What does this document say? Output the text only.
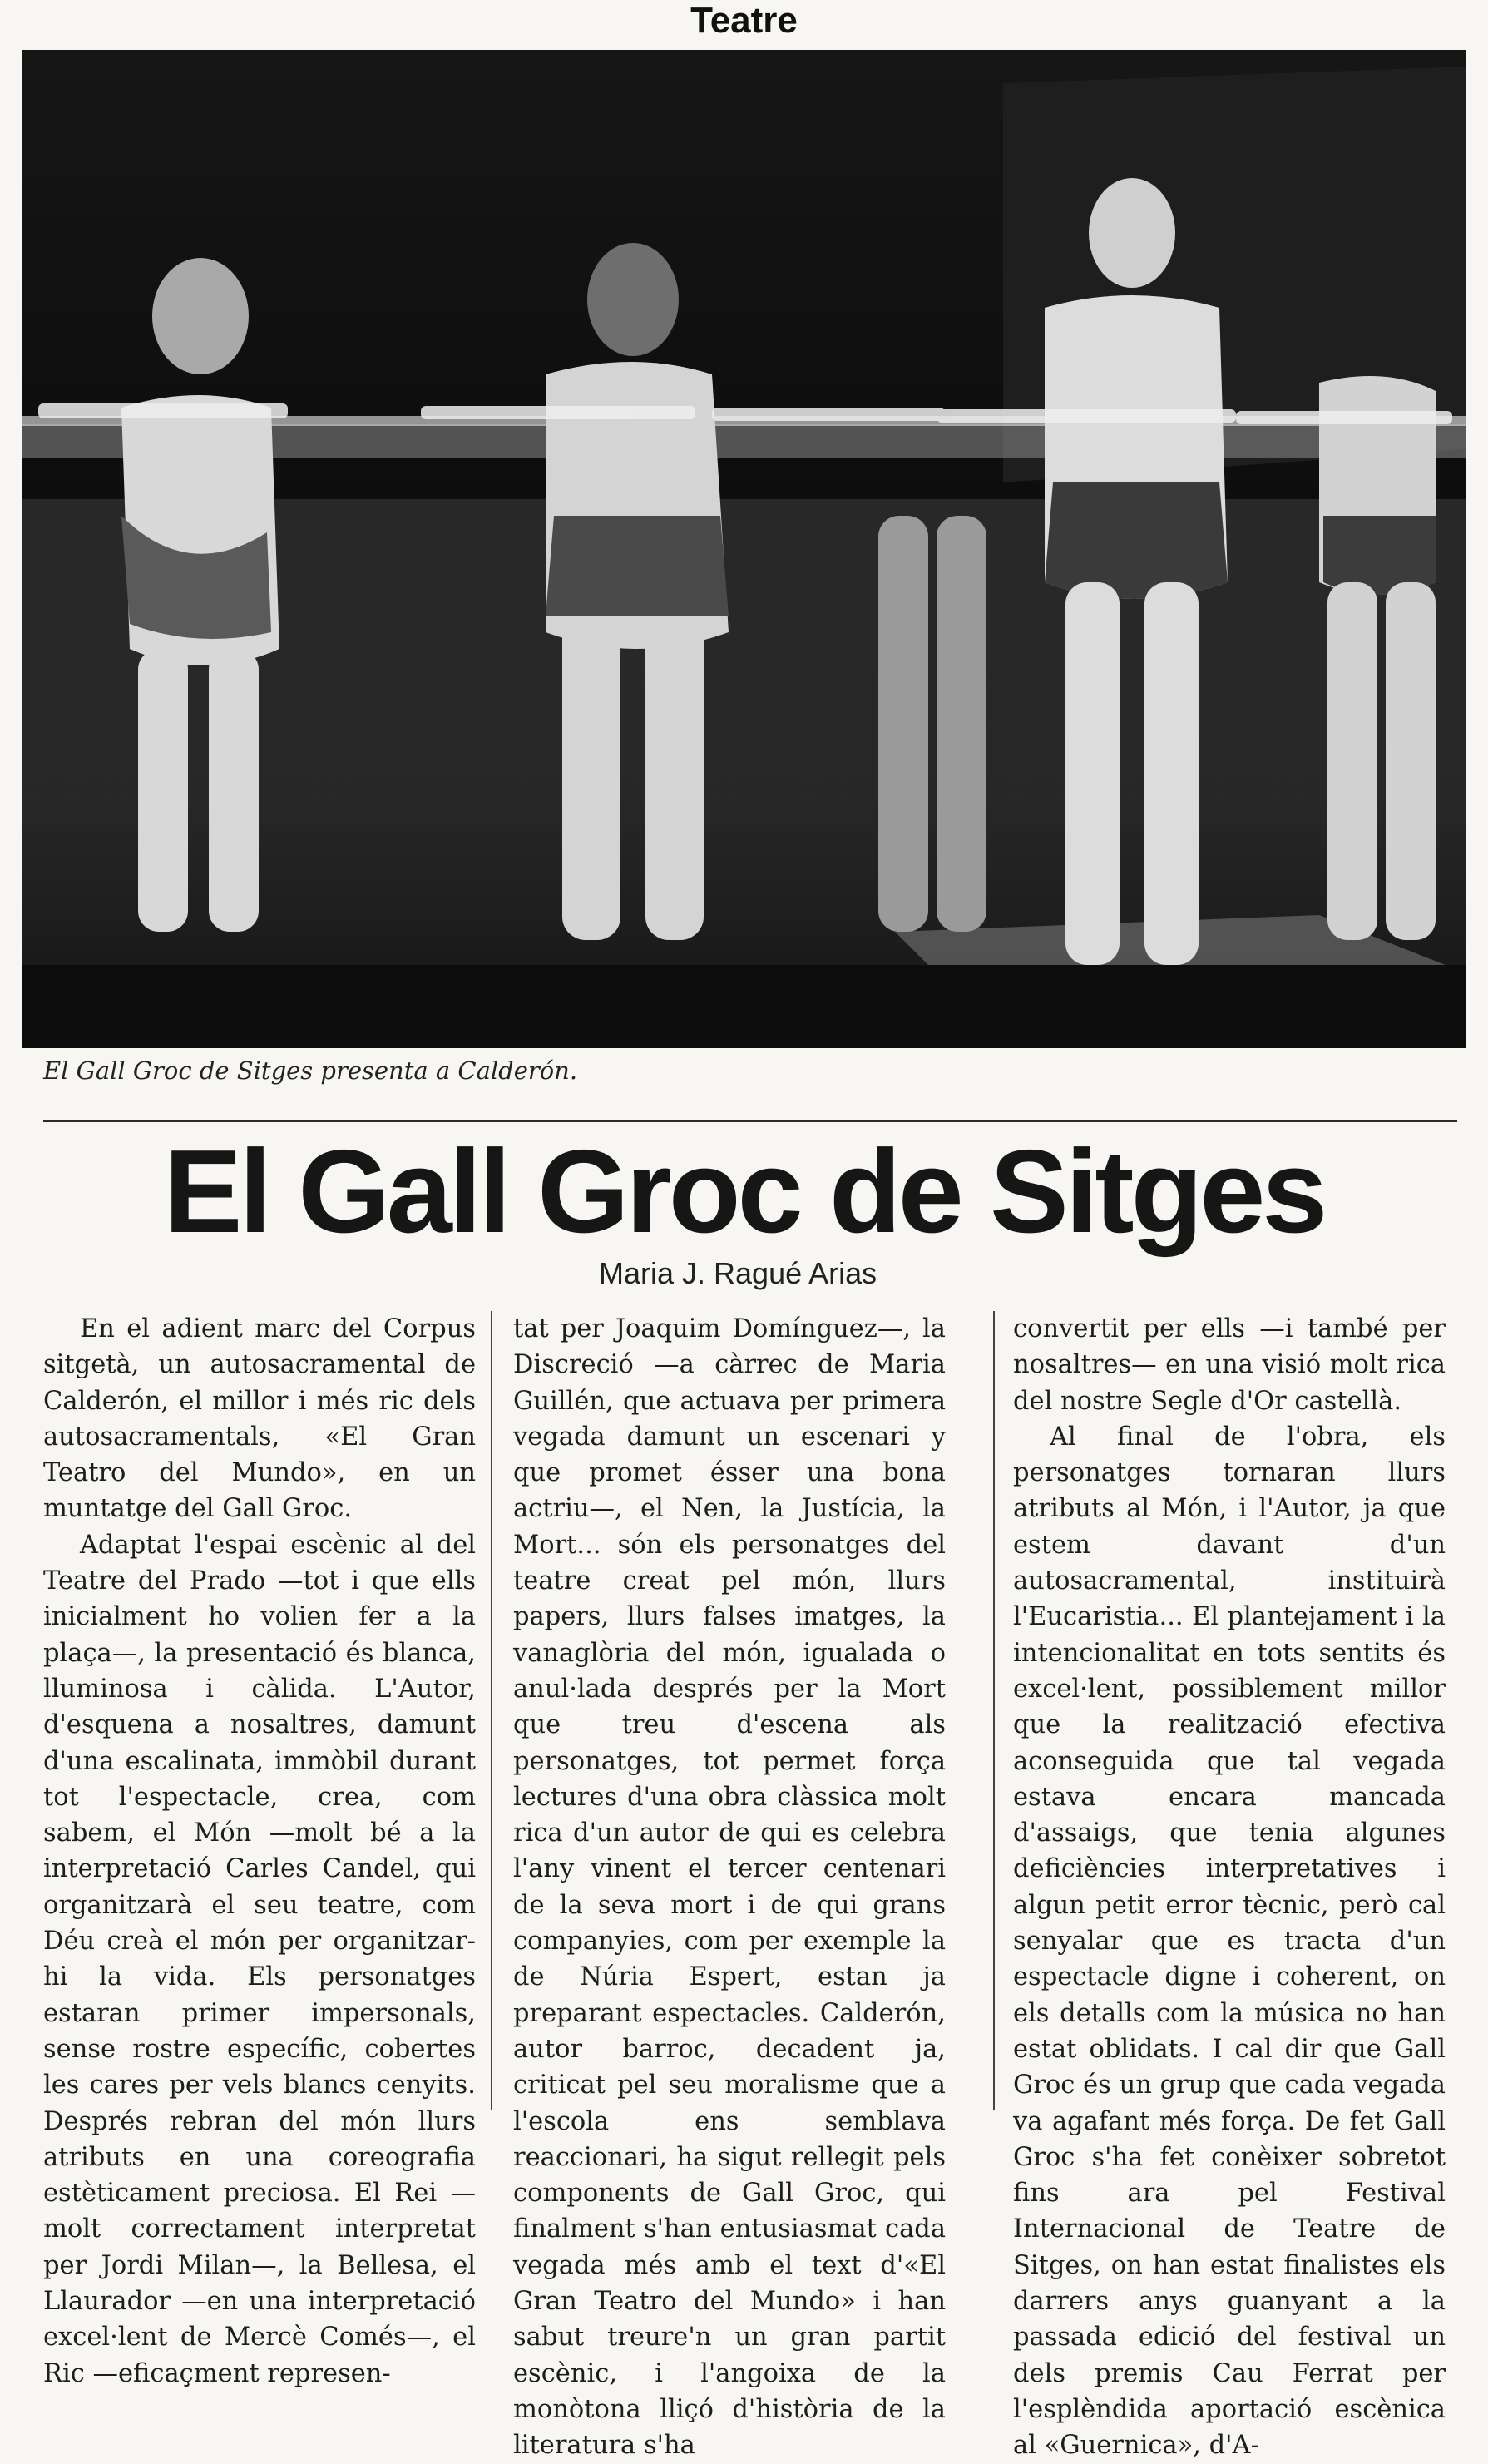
Teatre
El Gall Groc de Sitges presenta a Calderón.
El Gall Groc de Sitges
Maria J. Ragué Arias

En el adient marc del Corpus sitgetà, un autosacramental de Calderón, el millor i més ric dels autosacramentals, «El Gran Teatro del Mundo», en un muntatge del Gall Groc.

Adaptat l'espai escènic al del Teatre del Prado —tot i que ells inicialment ho volien fer a la plaça—, la presentació és blanca, lluminosa i càlida. L'Autor, d'esquena a nosaltres, damunt d'una escalinata, immòbil durant tot l'espectacle, crea, com sabem, el Món —molt bé a la interpretació Carles Candel, qui organitzarà el seu teatre, com Déu creà el món per organitzar-hi la vida. Els personatges estaran primer impersonals, sense rostre específic, cobertes les cares per vels blancs cenyits. Després rebran del món llurs atributs en una coreografia estèticament preciosa. El Rei —molt correctament interpretat per Jordi Milan—, la Bellesa, el Llaurador —en una interpretació excel·lent de Mercè Comés—, el Ric —eficaçment represen-

tat per Joaquim Domínguez—, la Discreció —a càrrec de Maria Guillén, que actuava per primera vegada damunt un escenari y que promet ésser una bona actriu—, el Nen, la Justícia, la Mort... són els personatges del teatre creat pel món, llurs papers, llurs falses imatges, la vanaglòria del món, igualada o anul·lada després per la Mort que treu d'escena als personatges, tot permet força lectures d'una obra clàssica molt rica d'un autor de qui es celebra l'any vinent el tercer centenari de la seva mort i de qui grans companyies, com per exemple la de Núria Espert, estan ja preparant espectacles. Calderón, autor barroc, decadent ja, criticat pel seu moralisme que a l'escola ens semblava reaccionari, ha sigut rellegit pels components de Gall Groc, qui finalment s'han entusiasmat cada vegada més amb el text d'«El Gran Teatro del Mundo» i han sabut treure'n un gran partit escènic, i l'angoixa de la monòtona lliçó d'història de la literatura s'ha

convertit per ells —i també per nosaltres— en una visió molt rica del nostre Segle d'Or castellà.

Al final de l'obra, els personatges tornaran llurs atributs al Món, i l'Autor, ja que estem davant d'un autosacramental, instituirà l'Eucaristia... El plantejament i la intencionalitat en tots sentits és excel·lent, possiblement millor que la realització efectiva aconseguida que tal vegada estava encara mancada d'assaigs, que tenia algunes deficiències interpretatives i algun petit error tècnic, però cal senyalar que es tracta d'un espectacle digne i coherent, on els detalls com la música no han estat oblidats. I cal dir que Gall Groc és un grup que cada vegada va agafant més força. De fet Gall Groc s'ha fet conèixer sobretot fins ara pel Festival Internacional de Teatre de Sitges, on han estat finalistes els darrers anys guanyant a la passada edició del festival un dels premis Cau Ferrat per l'esplèndida aportació escènica al «Guernica», d'A-
